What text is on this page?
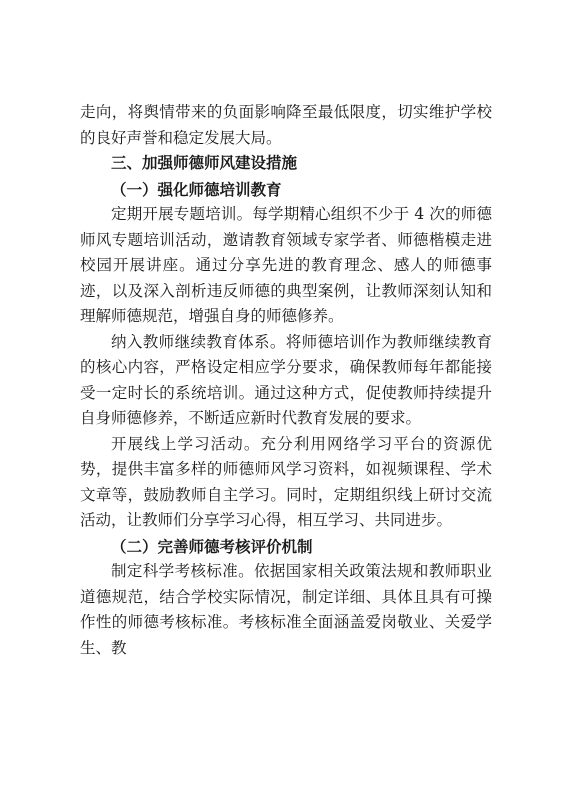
走向，将舆情带来的负面影响降至最低限度，切实维护学校的良好声誉和稳定发展大局。

三、加强师德师风建设措施

（一）强化师德培训教育

定期开展专题培训。每学期精心组织不少于 4 次的师德师风专题培训活动，邀请教育领域专家学者、师德楷模走进校园开展讲座。通过分享先进的教育理念、感人的师德事迹，以及深入剖析违反师德的典型案例，让教师深刻认知和理解师德规范，增强自身的师德修养。

纳入教师继续教育体系。将师德培训作为教师继续教育的核心内容，严格设定相应学分要求，确保教师每年都能接受一定时长的系统培训。通过这种方式，促使教师持续提升自身师德修养，不断适应新时代教育发展的要求。

开展线上学习活动。充分利用网络学习平台的资源优势，提供丰富多样的师德师风学习资料，如视频课程、学术文章等，鼓励教师自主学习。同时，定期组织线上研讨交流活动，让教师们分享学习心得，相互学习、共同进步。

（二）完善师德考核评价机制

制定科学考核标准。依据国家相关政策法规和教师职业道德规范，结合学校实际情况，制定详细、具体且具有可操作性的师德考核标准。考核标准全面涵盖爱岗敬业、关爱学生、教
